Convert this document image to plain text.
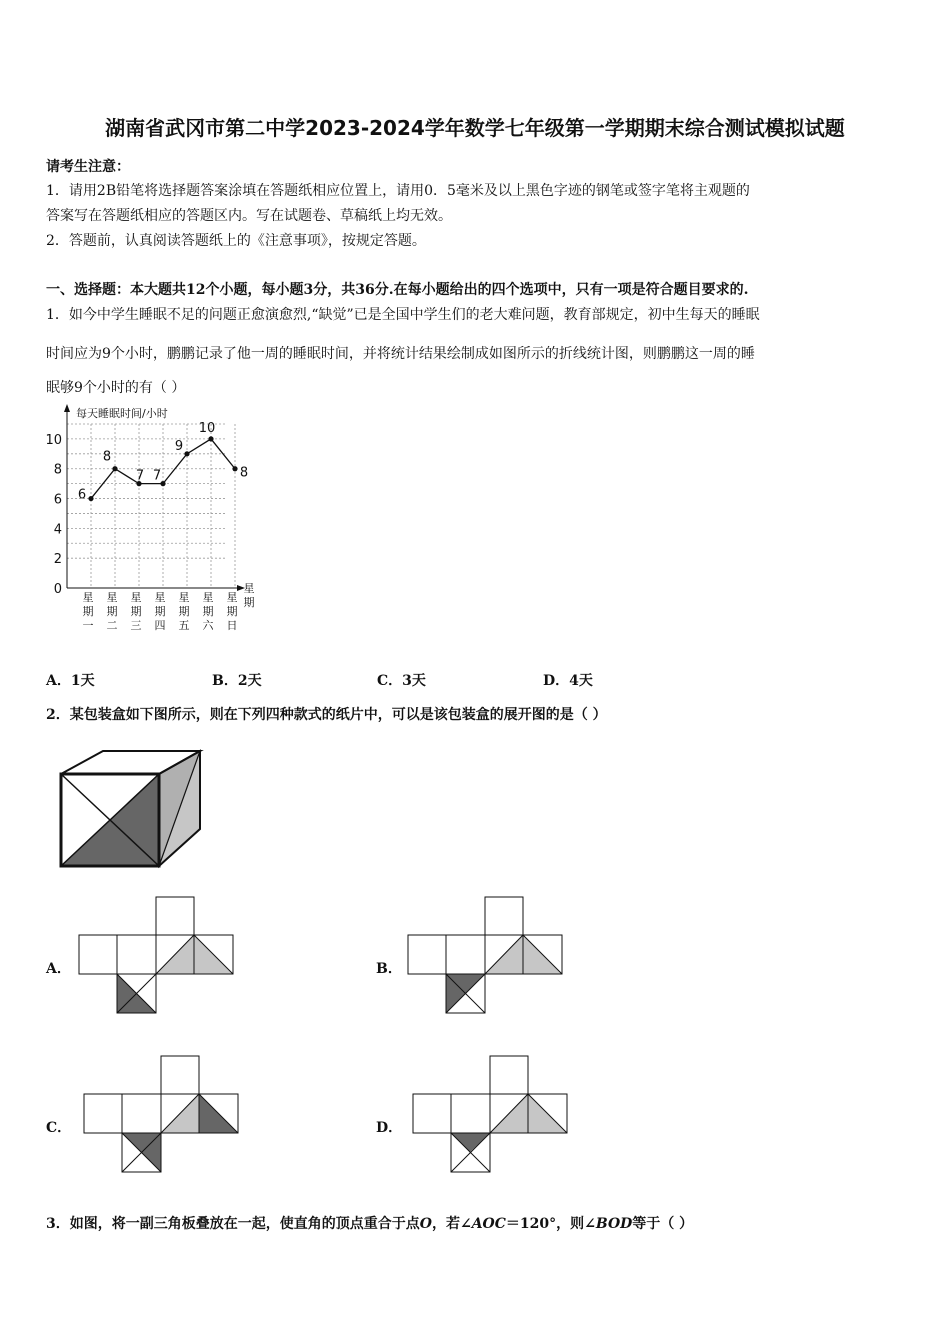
湖南省武冈市第二中学2023-2024学年数学七年级第一学期期末综合测试模拟试题
请考生注意：
1．请用2B铅笔将选择题答案涂填在答题纸相应位置上，请用0．5毫米及以上黑色字迹的钢笔或签字笔将主观题的
答案写在答题纸相应的答题区内。写在试题卷、草稿纸上均无效。
2．答题前，认真阅读答题纸上的《注意事项》，按规定答题。
一、选择题：本大题共12个小题，每小题3分，共36分.在每小题给出的四个选项中，只有一项是符合题目要求的.
1．如今中学生睡眠不足的问题正愈演愈烈,“缺觉”已是全国中学生们的老大难问题，教育部规定，初中生每天的睡眠
时间应为9个小时，鹏鹏记录了他一周的睡眠时间，并将统计结果绘制成如图所示的折线统计图，则鹏鹏这一周的睡
眠够9个小时的有（ ）
每天睡眠时间/小时
0
2
4
6
8
10
星
期
一
星
期
二
星
期
三
星
期
四
星
期
五
星
期
六
星
期
日
星
期
6
8
7 7
9
10
8
A．1天	B．2天	C．3天	D．4天
2．某包装盒如下图所示，则在下列四种款式的纸片中，可以是该包装盒的展开图的是（ ）
A．	B．
C．	D．
3．如图，将一副三角板叠放在一起，使直角的顶点重合于点O，若∠AOC＝120°，则∠BOD等于（ ）
